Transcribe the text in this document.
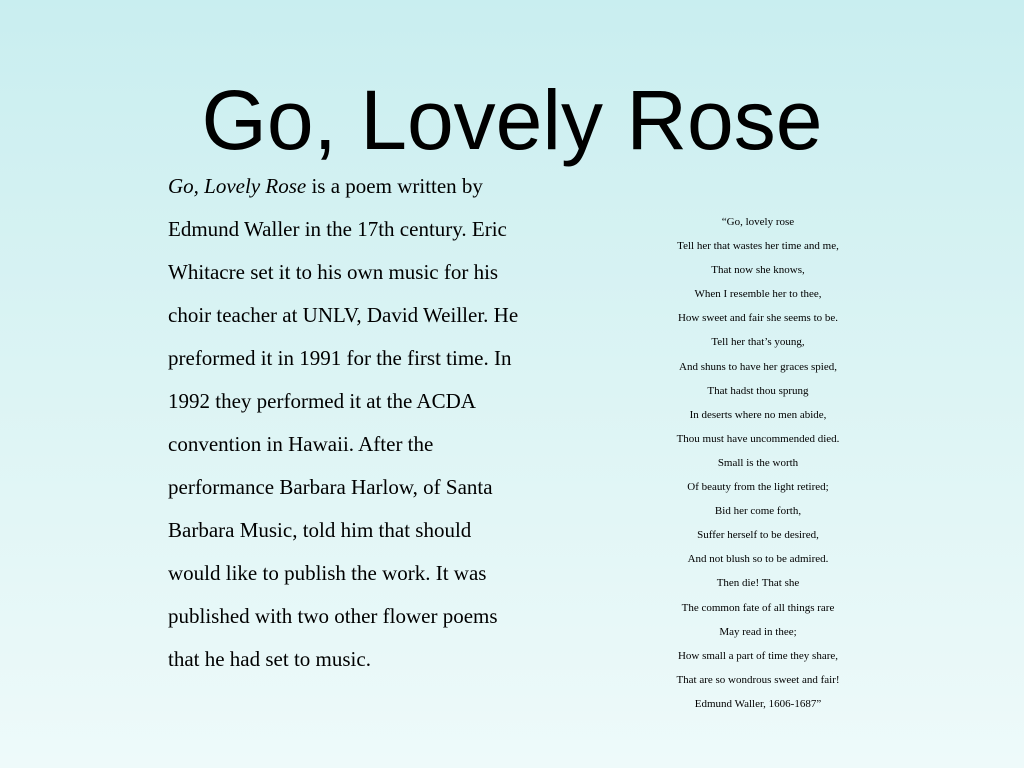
Go, Lovely Rose

Go, Lovely Rose is a poem written by Edmund Waller in the 17th century. Eric Whitacre set it to his own music for his choir teacher at UNLV, David Weiller. He preformed it in 1991 for the first time. In 1992 they performed it at the ACDA convention in Hawaii. After the performance Barbara Harlow, of Santa Barbara Music, told him that should would like to publish the work. It was published with two other flower poems that he had set to music.

“Go, lovely rose
Tell her that wastes her time and me,
That now she knows,
When I resemble her to thee,
How sweet and fair she seems to be.
Tell her that’s young,
And shuns to have her graces spied,
That hadst thou sprung
In deserts where no men abide,
Thou must have uncommended died.
Small is the worth
Of beauty from the light retired;
Bid her come forth,
Suffer herself to be desired,
And not blush so to be admired.
Then die! That she
The common fate of all things rare
May read in thee;
How small a part of time they share,
That are so wondrous sweet and fair!
Edmund Waller, 1606-1687”
